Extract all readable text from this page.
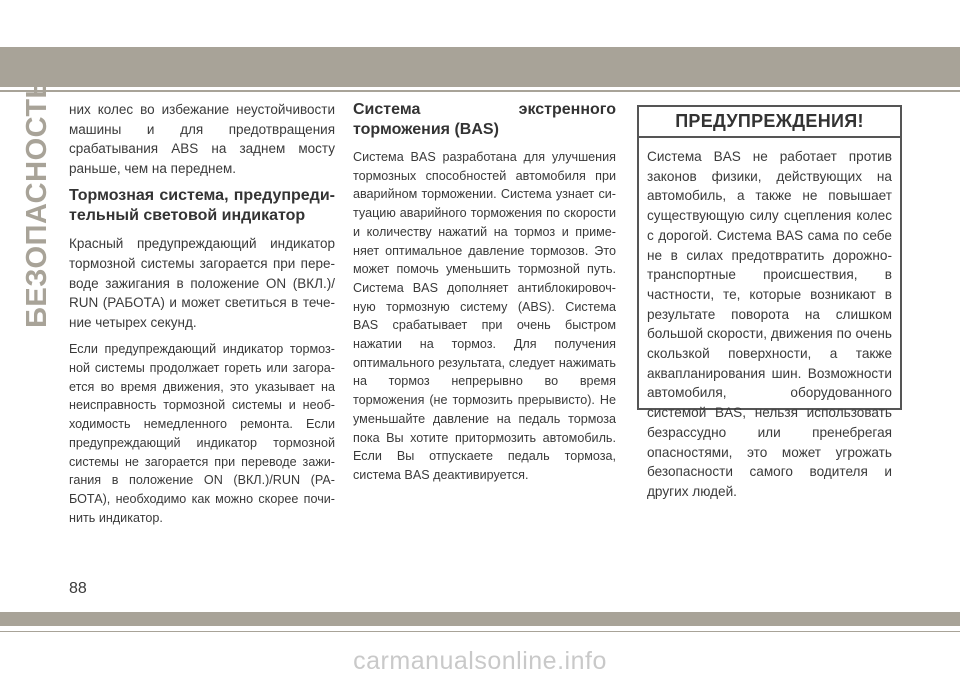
БЕЗОПАСНОСТЬ них колес во избежание неустойчивости машины и для предотвращения срабатывания ABS на заднем мосту раньше, чем на переднем.

Тормозная система, предупредительный световой индикатор

Красный предупреждающий индикатор тормозной системы загорается при переводе зажигания в положение ON (ВКЛ.)/ RUN (РАБОТА) и может светиться в течение четырех секунд.

Если предупреждающий индикатор тормозной системы продолжает гореть или загорается во время движения, это указывает на неисправность тормозной системы и необходимость немедленного ремонта. Если предупреждающий индикатор тормозной системы не загорается при переводе зажигания в положение ON (ВКЛ.)/RUN (РАБОТА), необходимо как можно скорее починить индикатор.

Система экстренного торможения (BAS)

Система BAS разработана для улучшения тормозных способностей автомобиля при аварийном торможении. Система узнает ситуацию аварийного торможения по скорости и количеству нажатий на тормоз и применяет оптимальное давление тормозов. Это может помочь уменьшить тормозной путь. Система BAS дополняет антиблокировочную тормозную систему (ABS). Система BAS срабатывает при очень быстром нажатии на тормоз. Для получения оптимального результата, следует нажимать на тормоз непрерывно во время торможения (не тормозить прерывисто). Не уменьшайте давление на педаль тормоза пока Вы хотите притормозить автомобиль. Если Вы отпускаете педаль тормоза, система BAS деактивируется.

ПРЕДУПРЕЖДЕНИЯ!
Система BAS не работает против законов физики, действующих на автомобиль, а также не повышает существующую силу сцепления колес с дорогой. Система BAS сама по себе не в силах предотвратить дорожно-транспортные происшествия, в частности, те, которые возникают в результате поворота на слишком большой скорости, движения по очень скользкой поверхности, а также аквапланирования шин. Возможности автомобиля, оборудованного системой BAS, нельзя использовать безрассудно или пренебрегая опасностями, это может угрожать безопасности самого водителя и других людей.
88
carmanualsonline.info
